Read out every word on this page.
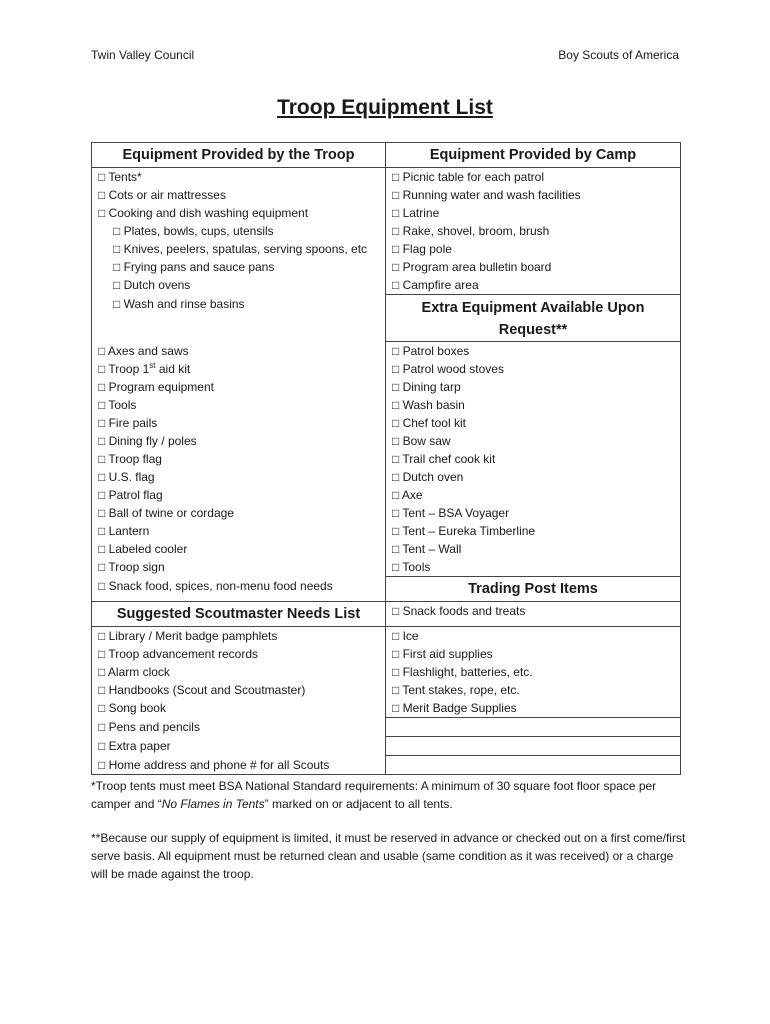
Twin Valley Council	Boy Scouts of America
Troop Equipment List
Equipment Provided by the Troop	Equipment Provided by Camp
□ Tents*	□ Picnic table for each patrol
□ Cots or air mattresses	□ Running water and wash facilities
□ Cooking and dish washing equipment	□ Latrine
□ Plates, bowls, cups, utensils	□ Rake, shovel, broom, brush
□ Knives, peelers, spatulas, serving spoons, etc	□ Flag pole
□ Frying pans and sauce pans	□ Program area bulletin board
□ Dutch ovens	□ Campfire area
□ Wash and rinse basins	Extra Equipment Available Upon Request**
□ Axes and saws	□ Patrol boxes
□ Troop 1st aid kit	□ Patrol wood stoves
□ Program equipment	□ Dining tarp
□ Tools	□ Wash basin
□ Fire pails	□ Chef tool kit
□ Dining fly / poles	□ Bow saw
□ Troop flag	□ Trail chef cook kit
□ U.S. flag	□ Dutch oven
□ Patrol flag	□ Axe
□ Ball of twine or cordage	□ Tent – BSA Voyager
□ Lantern	□ Tent – Eureka Timberline
□ Labeled cooler	□ Tent – Wall
□ Troop sign	□ Tools
□ Snack food, spices, non-menu food needs	Trading Post Items
Suggested Scoutmaster Needs List	□ Snack foods and treats
□ Library / Merit badge pamphlets	□ Ice
□ Troop advancement records	□ First aid supplies
□ Alarm clock	□ Flashlight, batteries, etc.
□ Handbooks (Scout and Scoutmaster)	□ Tent stakes, rope, etc.
□ Song book	□ Merit Badge Supplies
□ Pens and pencils	
□ Extra paper	
□ Home address and phone # for all Scouts	
*Troop tents must meet BSA National Standard requirements: A minimum of 30 square foot floor space per camper and “No Flames in Tents” marked on or adjacent to all tents.
**Because our supply of equipment is limited, it must be reserved in advance or checked out on a first come/first serve basis. All equipment must be returned clean and usable (same condition as it was received) or a charge will be made against the troop.
